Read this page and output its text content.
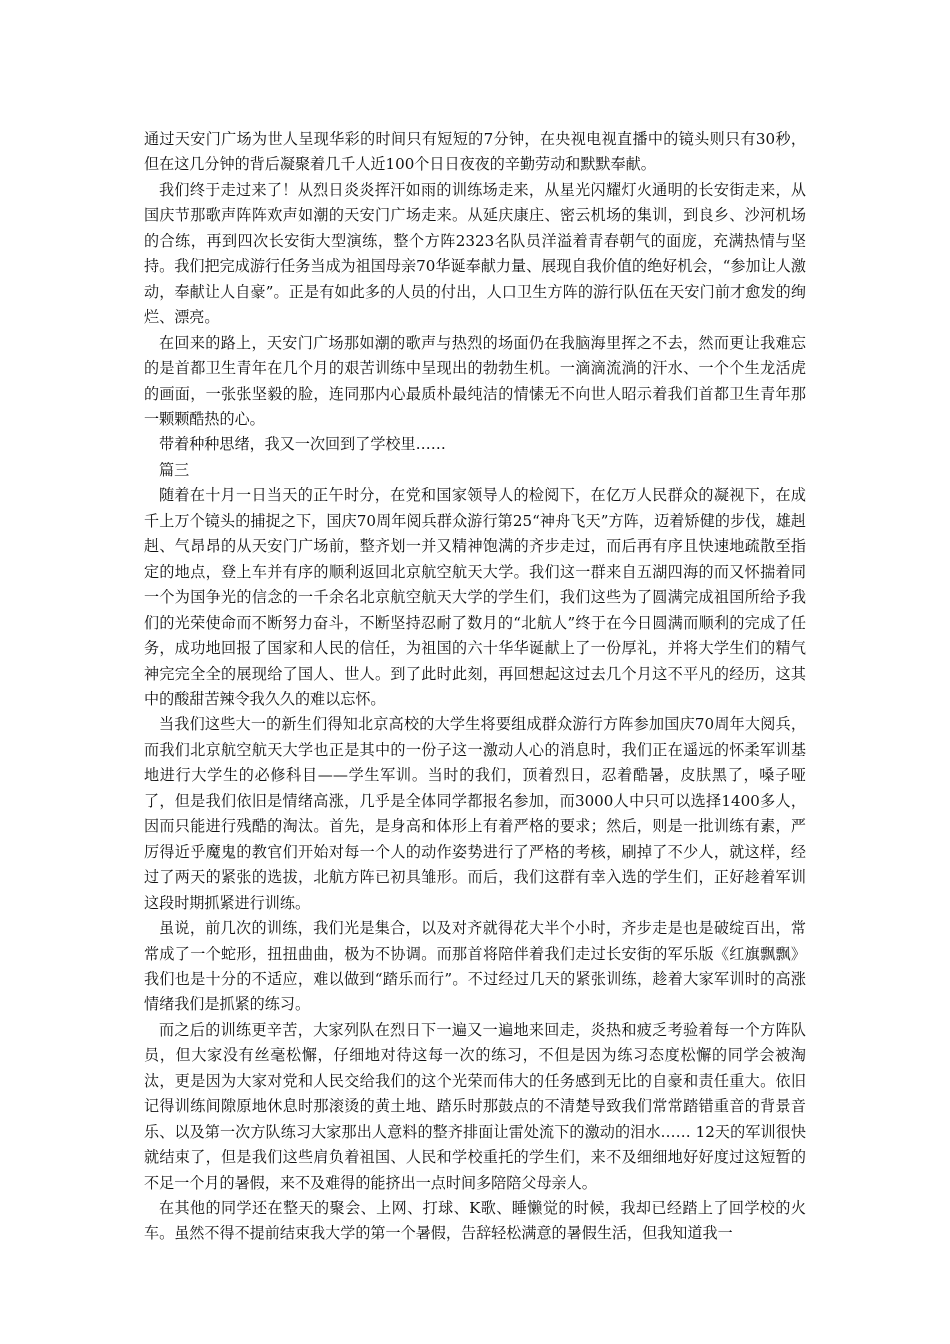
通过天安门广场为世人呈现华彩的时间只有短短的7分钟，在央视电视直播中的镜头则只有30秒，但在这几分钟的背后凝聚着几千人近100个日日夜夜的辛勤劳动和默默奉献。

我们终于走过来了！从烈日炎炎挥汗如雨的训练场走来，从星光闪耀灯火通明的长安街走来，从国庆节那歌声阵阵欢声如潮的天安门广场走来。从延庆康庄、密云机场的集训，到良乡、沙河机场的合练，再到四次长安街大型演练，整个方阵2323名队员洋溢着青春朝气的面庞，充满热情与坚持。我们把完成游行任务当成为祖国母亲70华诞奉献力量、展现自我价值的绝好机会，“参加让人激动，奉献让人自豪”。正是有如此多的人员的付出，人口卫生方阵的游行队伍在天安门前才愈发的绚烂、漂亮。

在回来的路上，天安门广场那如潮的歌声与热烈的场面仍在我脑海里挥之不去，然而更让我难忘的是首都卫生青年在几个月的艰苦训练中呈现出的勃勃生机。一滴滴流淌的汗水、一个个生龙活虎的画面，一张张坚毅的脸，连同那内心最质朴最纯洁的情愫无不向世人昭示着我们首都卫生青年那一颗颗酷热的心。

带着种种思绪，我又一次回到了学校里……

篇三

随着在十月一日当天的正午时分，在党和国家领导人的检阅下，在亿万人民群众的凝视下，在成千上万个镜头的捕捉之下，国庆70周年阅兵群众游行第25“神舟飞天”方阵，迈着矫健的步伐，雄赳赳、气昂昂的从天安门广场前，整齐划一并又精神饱满的齐步走过，而后再有序且快速地疏散至指定的地点，登上车并有序的顺利返回北京航空航天大学。我们这一群来自五湖四海的而又怀揣着同一个为国争光的信念的一千余名北京航空航天大学的学生们，我们这些为了圆满完成祖国所给予我们的光荣使命而不断努力奋斗，不断坚持忍耐了数月的“北航人”终于在今日圆满而顺利的完成了任务，成功地回报了国家和人民的信任，为祖国的六十华华诞献上了一份厚礼，并将大学生们的精气神完完全全的展现给了国人、世人。到了此时此刻，再回想起这过去几个月这不平凡的经历，这其中的酸甜苦辣令我久久的难以忘怀。

当我们这些大一的新生们得知北京高校的大学生将要组成群众游行方阵参加国庆70周年大阅兵，而我们北京航空航天大学也正是其中的一份子这一激动人心的消息时，我们正在遥远的怀柔军训基地进行大学生的必修科目——学生军训。当时的我们，顶着烈日，忍着酷暑，皮肤黑了，嗓子哑了，但是我们依旧是情绪高涨，几乎是全体同学都报名参加，而3000人中只可以选择1400多人，因而只能进行残酷的淘汰。首先，是身高和体形上有着严格的要求；然后，则是一批训练有素，严厉得近乎魔鬼的教官们开始对每一个人的动作姿势进行了严格的考核，刷掉了不少人，就这样，经过了两天的紧张的选拔，北航方阵已初具雏形。而后，我们这群有幸入选的学生们，正好趁着军训这段时期抓紧进行训练。

虽说，前几次的训练，我们光是集合，以及对齐就得花大半个小时，齐步走是也是破绽百出，常常成了一个蛇形，扭扭曲曲，极为不协调。而那首将陪伴着我们走过长安街的军乐版《红旗飘飘》我们也是十分的不适应，难以做到“踏乐而行”。不过经过几天的紧张训练，趁着大家军训时的高涨情绪我们是抓紧的练习。

而之后的训练更辛苦，大家列队在烈日下一遍又一遍地来回走，炎热和疲乏考验着每一个方阵队员，但大家没有丝毫松懈，仔细地对待这每一次的练习，不但是因为练习态度松懈的同学会被淘汰，更是因为大家对党和人民交给我们的这个光荣而伟大的任务感到无比的自豪和责任重大。依旧记得训练间隙原地休息时那滚烫的黄土地、踏乐时那鼓点的不清楚导致我们常常踏错重音的背景音乐、以及第一次方队练习大家那出人意料的整齐排面让雷处流下的激动的泪水…… 12天的军训很快就结束了，但是我们这些肩负着祖国、人民和学校重托的学生们，来不及细细地好好度过这短暂的不足一个月的暑假，来不及难得的能挤出一点时间多陪陪父母亲人。

在其他的同学还在整天的聚会、上网、打球、K歌、睡懒觉的时候，我却已经踏上了回学校的火车。虽然不得不提前结束我大学的第一个暑假，告辞轻松满意的暑假生活，但我知道我一
